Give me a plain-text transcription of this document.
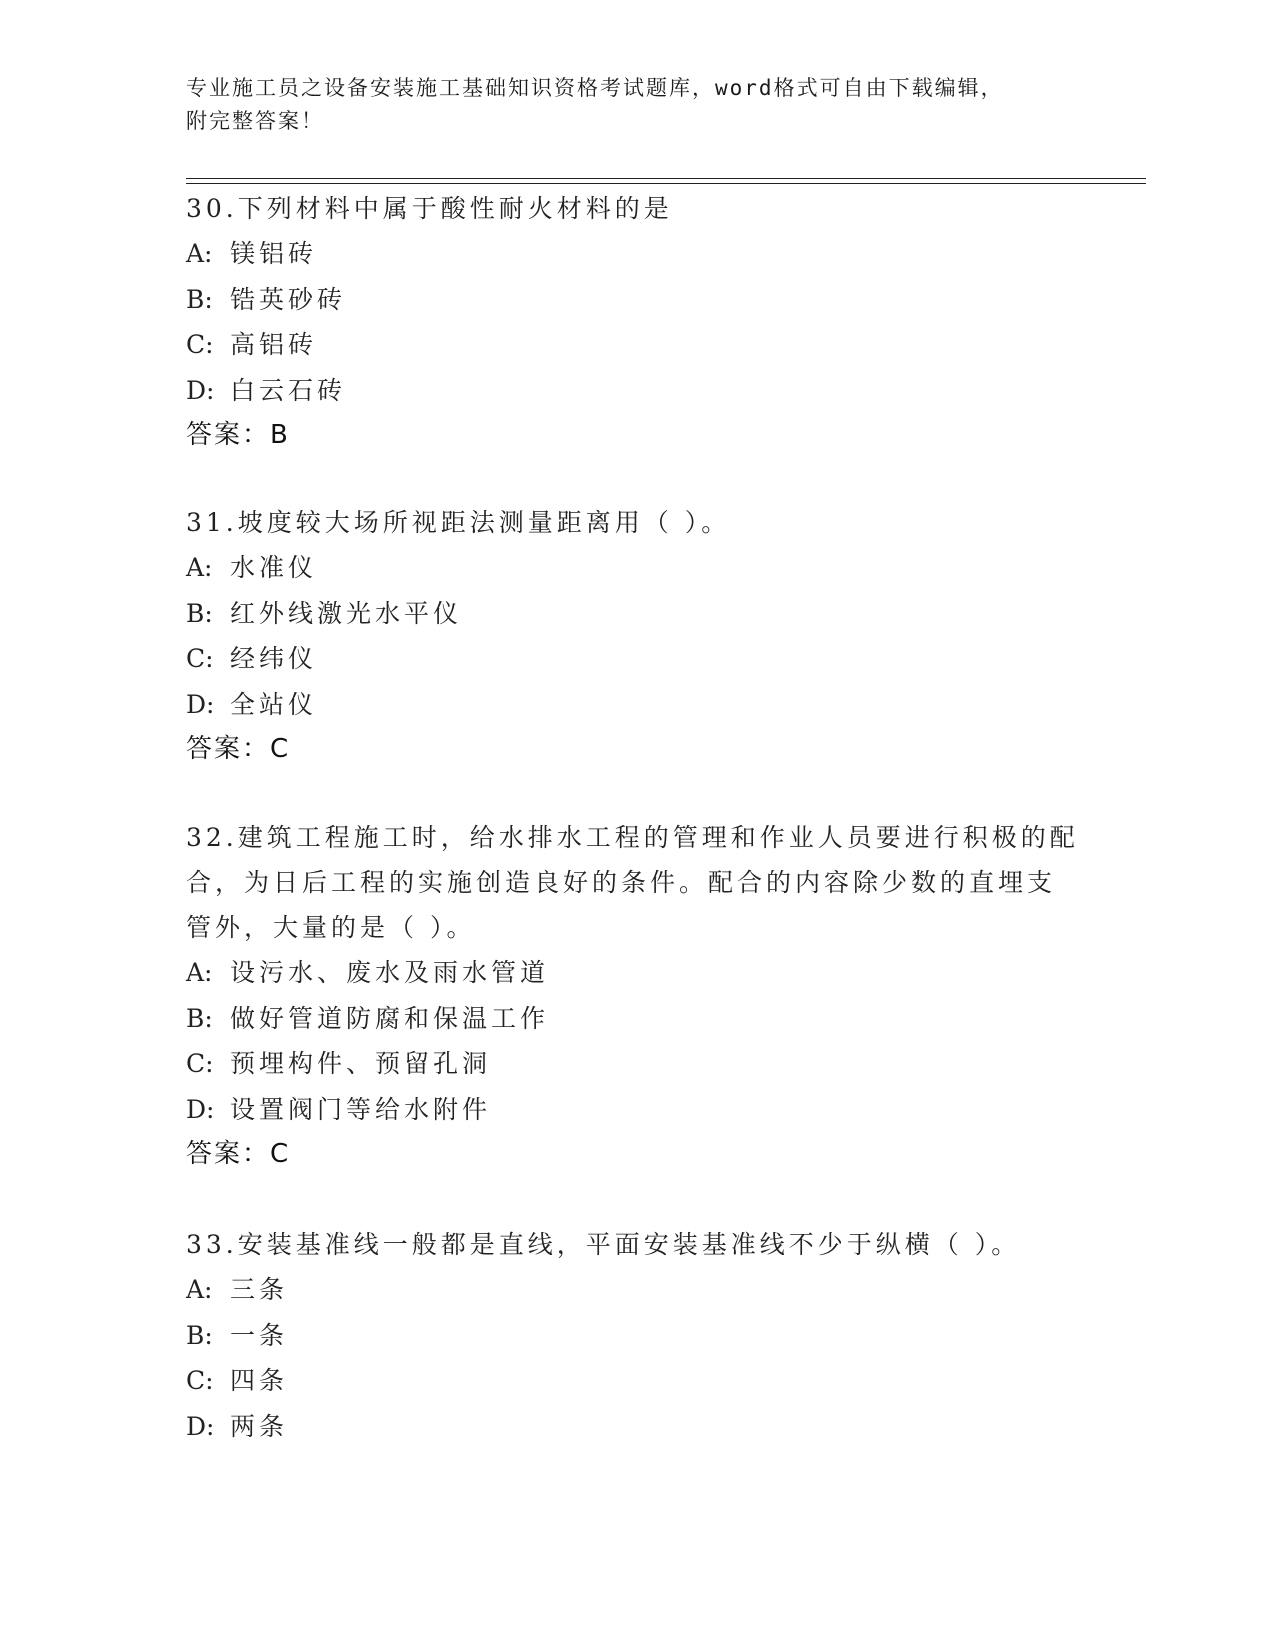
专业施工员之设备安装施工基础知识资格考试题库，word格式可自由下载编辑，
附完整答案！
30.下列材料中属于酸性耐火材料的是
A: 镁铝砖
B: 锆英砂砖
C: 高铝砖
D: 白云石砖
答案：B
31.坡度较大场所视距法测量距离用（ ）。
A: 水准仪
B: 红外线激光水平仪
C: 经纬仪
D: 全站仪
答案：C
32.建筑工程施工时，给水排水工程的管理和作业人员要进行积极的配
合，为日后工程的实施创造良好的条件。配合的内容除少数的直埋支
管外，大量的是（ ）。
A: 设污水、废水及雨水管道
B: 做好管道防腐和保温工作
C: 预埋构件、预留孔洞
D: 设置阀门等给水附件
答案：C
33.安装基准线一般都是直线，平面安装基准线不少于纵横（ ）。
A: 三条
B: 一条
C: 四条
D: 两条
